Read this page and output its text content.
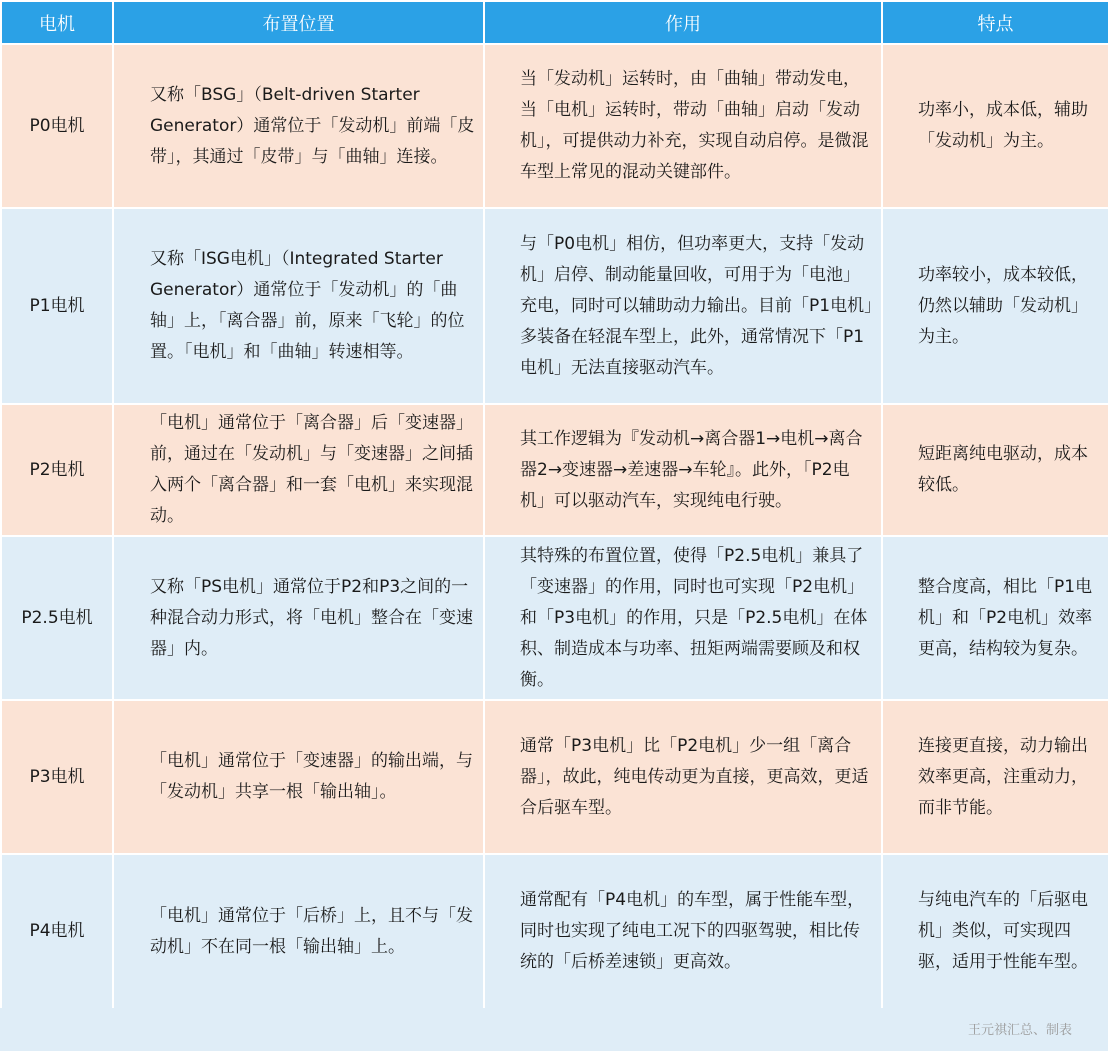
电机	布置位置	作用	特点
P0电机	又称「BSG」（Belt-driven Starter Generator）通常位于「发动机」前端「皮带」，其通过「皮带」与「曲轴」连接。	当「发动机」运转时，由「曲轴」带动发电，当「电机」运转时，带动「曲轴」启动「发动机」，可提供动力补充，实现自动启停。是微混车型上常见的混动关键部件。	功率小，成本低，辅助「发动机」为主。
P1电机	又称「ISG电机」（Integrated Starter Generator）通常位于「发动机」的「曲轴」上，「离合器」前，原来「飞轮」的位置。「电机」和「曲轴」转速相等。	与「P0电机」相仿，但功率更大，支持「发动机」启停、制动能量回收，可用于为「电池」充电，同时可以辅助动力输出。目前「P1电机」多装备在轻混车型上，此外，通常情况下「P1电机」无法直接驱动汽车。	功率较小，成本较低，仍然以辅助「发动机」为主。
P2电机	「电机」通常位于「离合器」后「变速器」前，通过在「发动机」与「变速器」之间插入两个「离合器」和一套「电机」来实现混动。	其工作逻辑为『发动机→离合器1→电机→离合器2→变速器→差速器→车轮』。此外，「P2电机」可以驱动汽车，实现纯电行驶。	短距离纯电驱动，成本较低。
P2.5电机	又称「PS电机」通常位于P2和P3之间的一种混合动力形式，将「电机」整合在「变速器」内。	其特殊的布置位置，使得「P2.5电机」兼具了「变速器」的作用，同时也可实现「P2电机」和「P3电机」的作用，只是「P2.5电机」在体积、制造成本与功率、扭矩两端需要顾及和权衡。	整合度高，相比「P1电机」和「P2电机」效率更高，结构较为复杂。
P3电机	「电机」通常位于「变速器」的输出端，与「发动机」共享一根「输出轴」。	通常「P3电机」比「P2电机」少一组「离合器」，故此，纯电传动更为直接，更高效，更适合后驱车型。	连接更直接，动力输出效率更高，注重动力，而非节能。
P4电机	「电机」通常位于「后桥」上，且不与「发动机」不在同一根「输出轴」上。	通常配有「P4电机」的车型，属于性能车型，同时也实现了纯电工况下的四驱驾驶，相比传统的「后桥差速锁」更高效。	与纯电汽车的「后驱电机」类似，可实现四驱，适用于性能车型。
王元祺汇总、制表
